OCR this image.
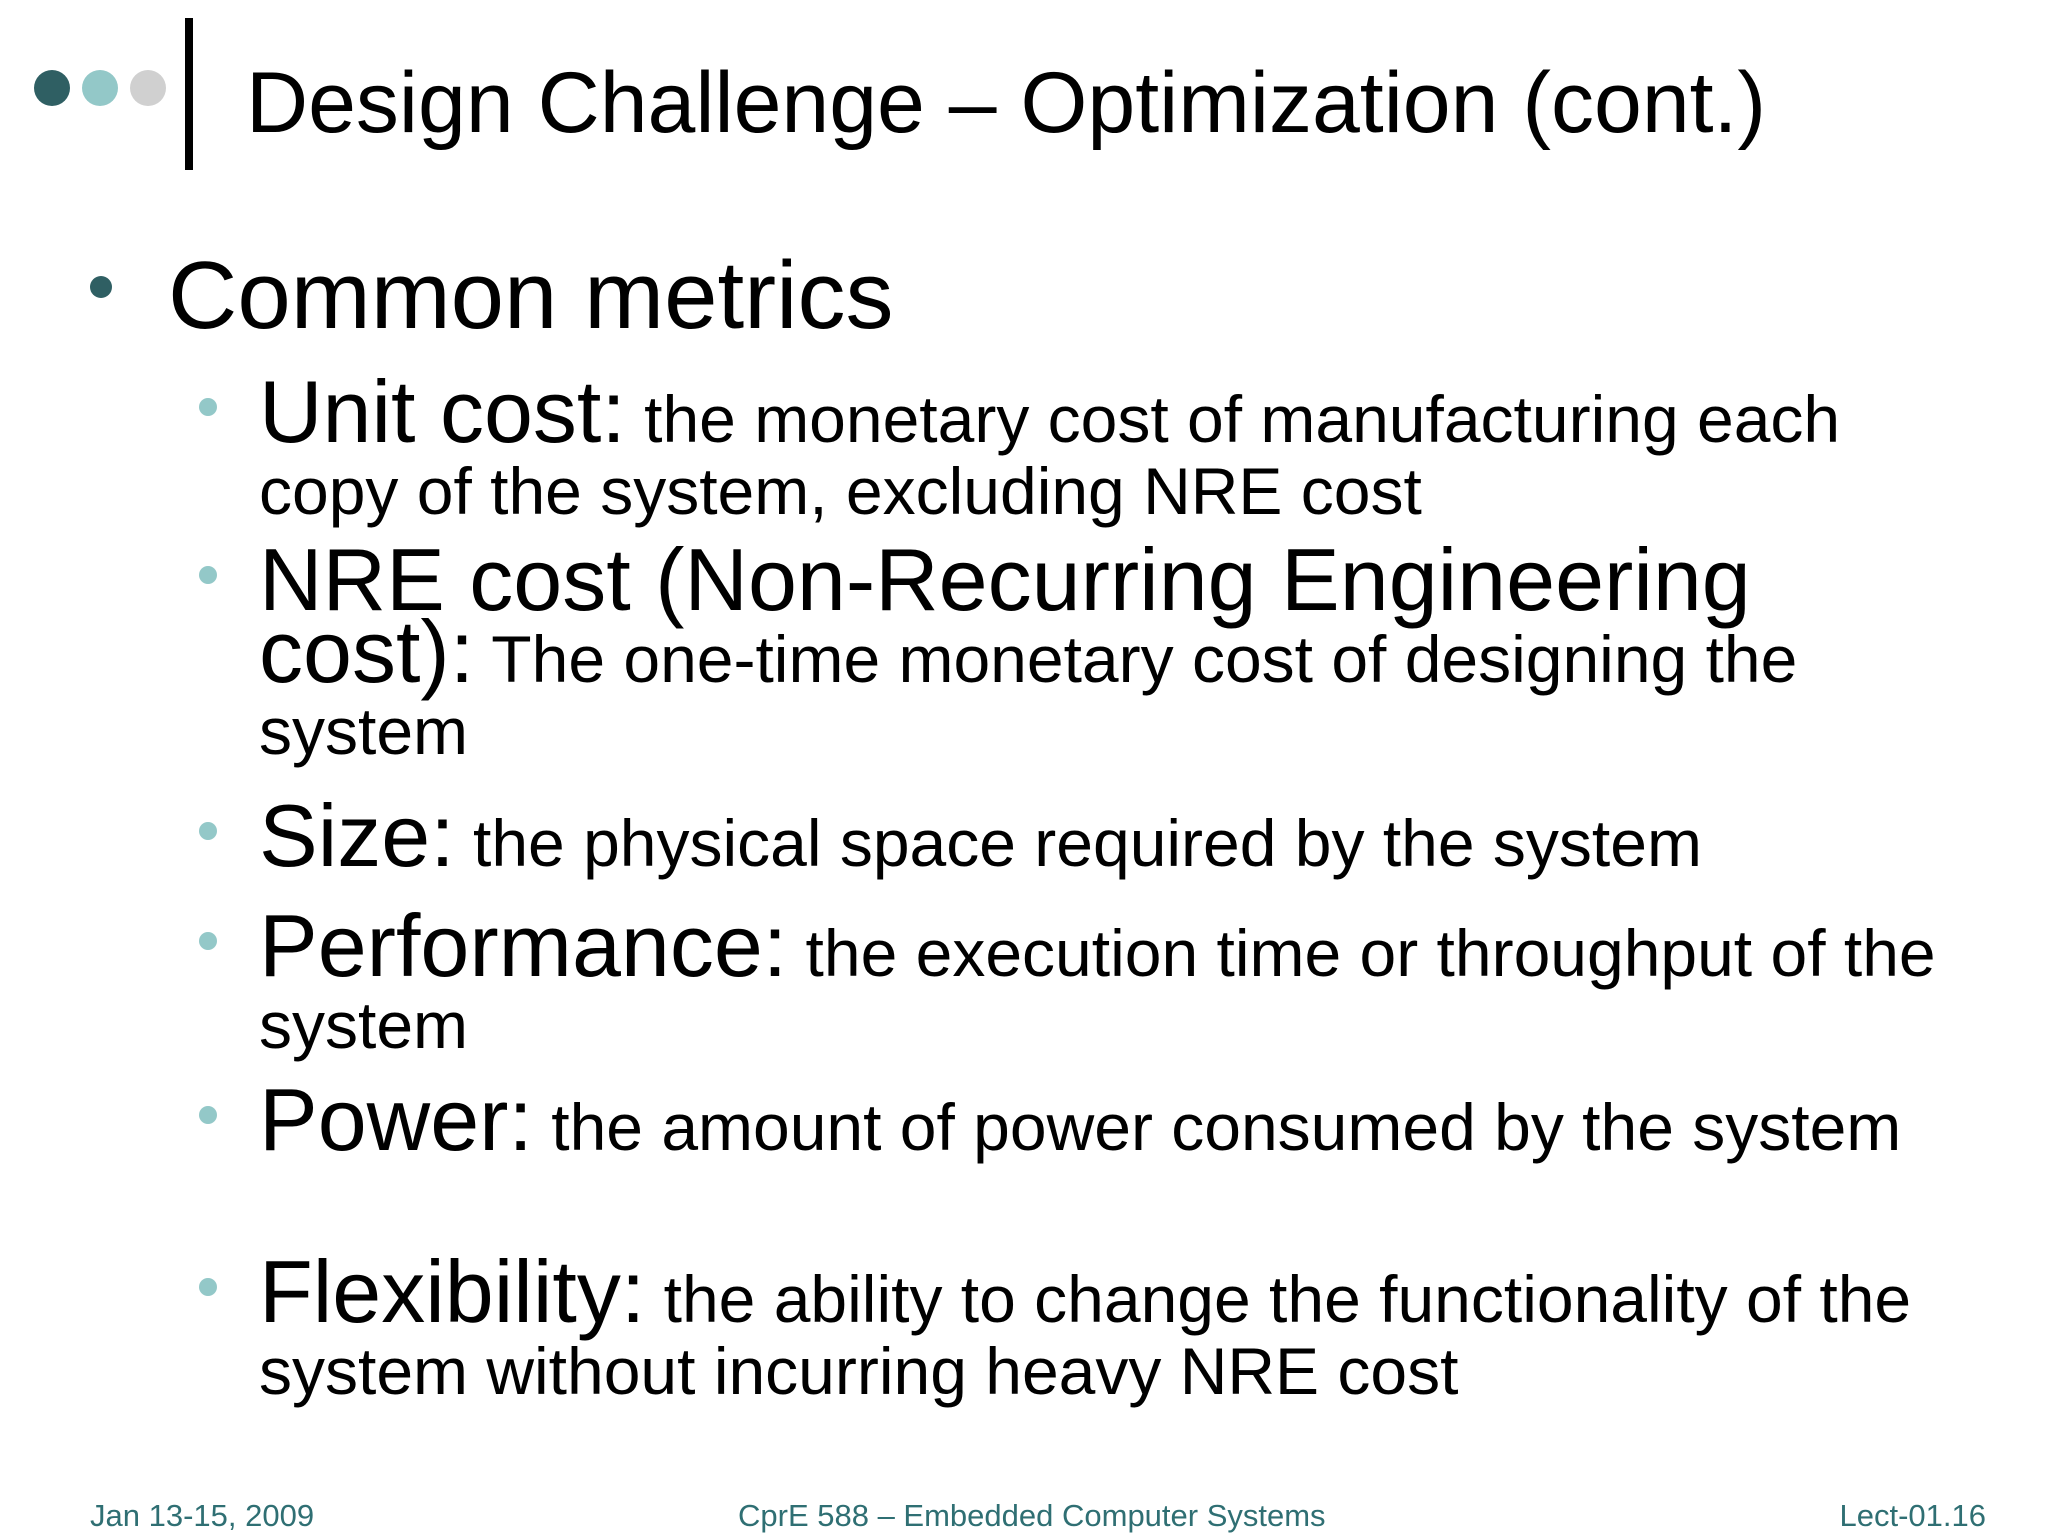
Design Challenge – Optimization (cont.)
Common metrics

Unit cost: the monetary cost of manufacturing each copy of the system, excluding NRE cost

NRE cost (Non-Recurring Engineering cost): The one-time monetary cost of designing the system

Size: the physical space required by the system

Performance: the execution time or throughput of the system

Power: the amount of power consumed by the system

Flexibility: the ability to change the functionality of the system without incurring heavy NRE cost

Jan 13-15, 2009	CprE 588 – Embedded Computer Systems	Lect-01.16
